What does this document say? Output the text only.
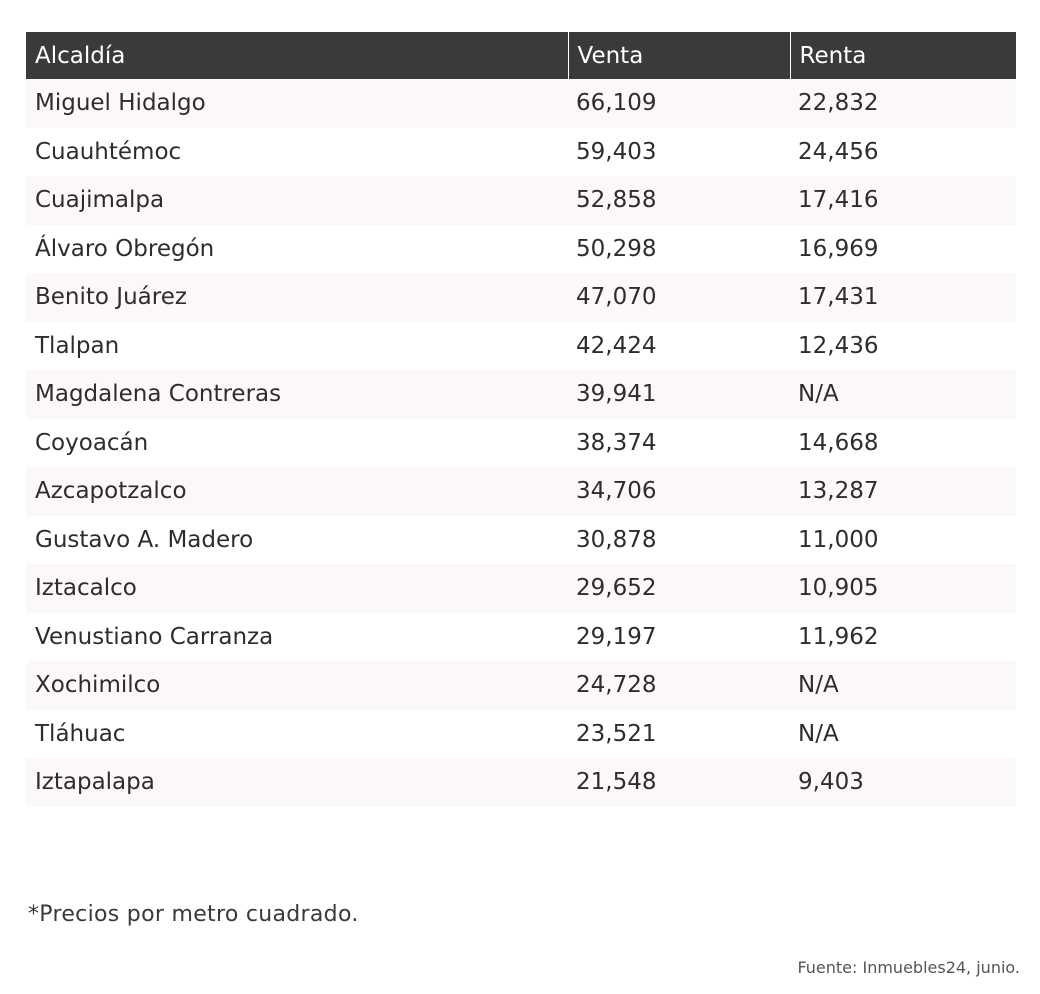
Alcaldía	Venta	Renta
Miguel Hidalgo	66,109	22,832
Cuauhtémoc	59,403	24,456
Cuajimalpa	52,858	17,416
Álvaro Obregón	50,298	16,969
Benito Juárez	47,070	17,431
Tlalpan	42,424	12,436
Magdalena Contreras	39,941	N/A
Coyoacán	38,374	14,668
Azcapotzalco	34,706	13,287
Gustavo A. Madero	30,878	11,000
Iztacalco	29,652	10,905
Venustiano Carranza	29,197	11,962
Xochimilco	24,728	N/A
Tláhuac	23,521	N/A
Iztapalapa	21,548	9,403
*Precios por metro cuadrado.
Fuente: Inmuebles24, junio.
